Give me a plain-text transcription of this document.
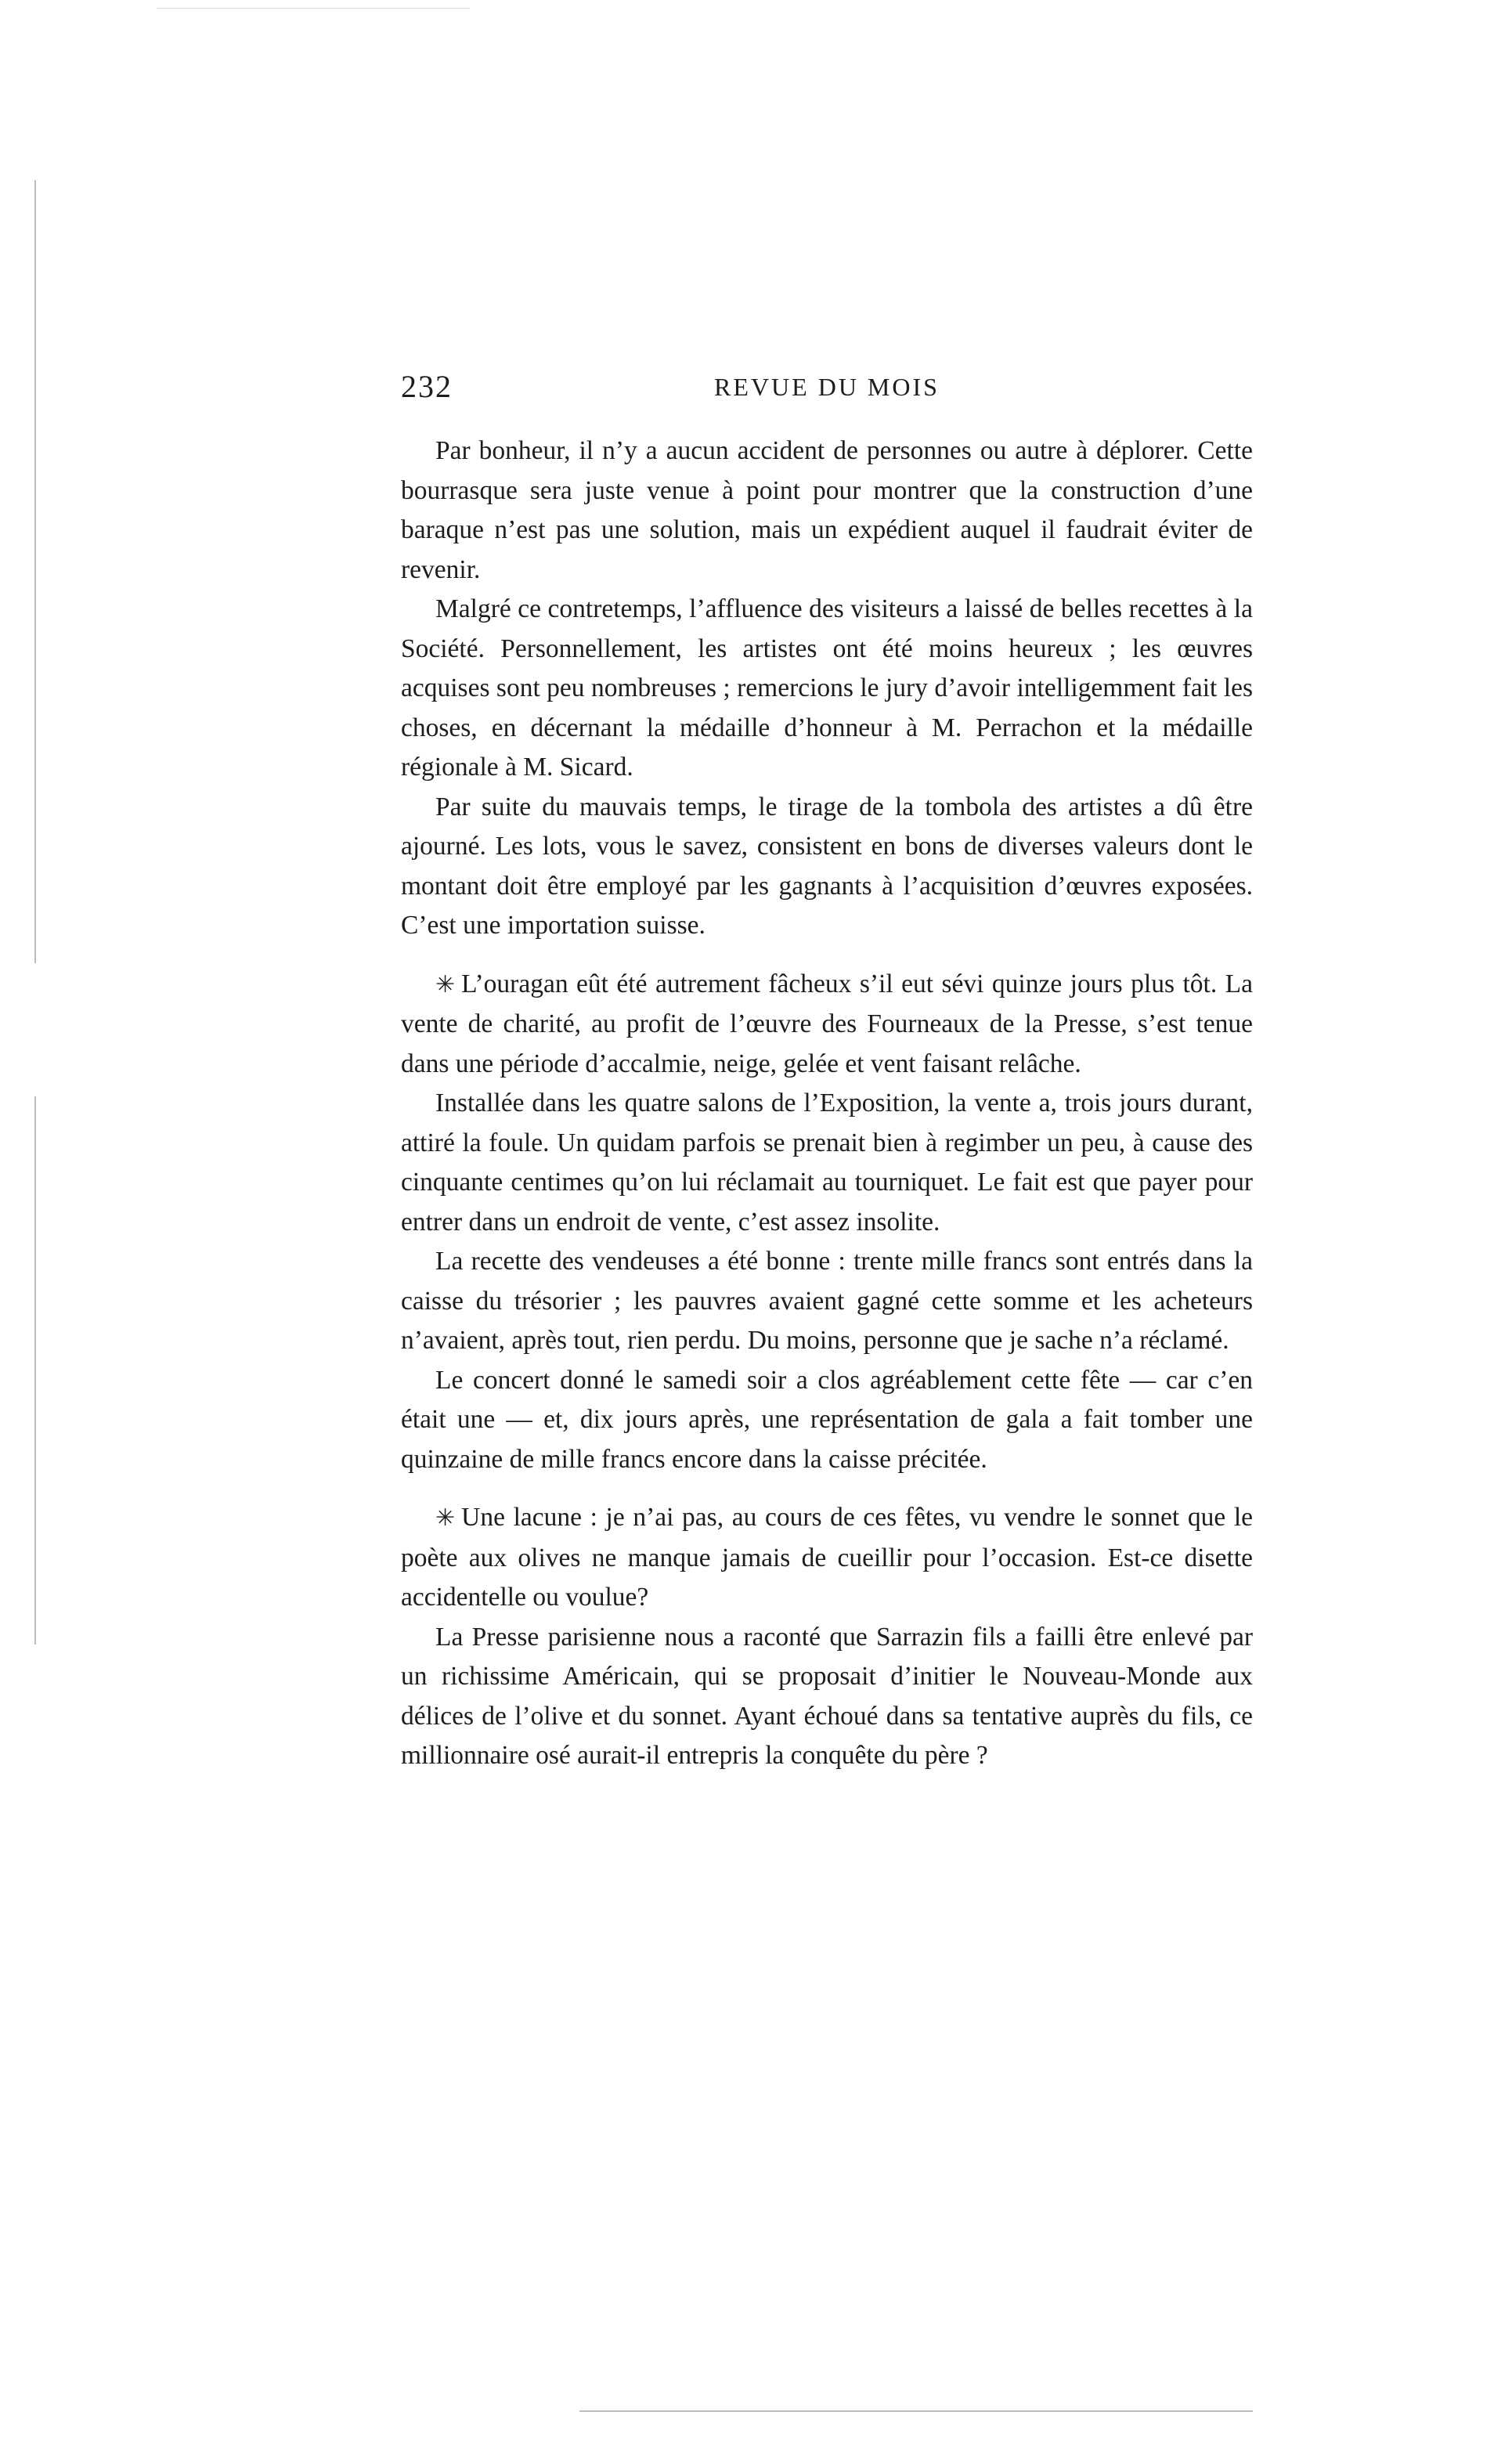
232	REVUE DU MOIS

Par bonheur, il n’y a aucun accident de personnes ou autre à déplorer. Cette bourrasque sera juste venue à point pour montrer que la construction d’une baraque n’est pas une solution, mais un expédient auquel il faudrait éviter de revenir.

Malgré ce contretemps, l’affluence des visiteurs a laissé de belles recettes à la Société. Personnellement, les artistes ont été moins heureux ; les œuvres acquises sont peu nombreuses ; remercions le jury d’avoir intelligemment fait les choses, en décernant la médaille d’honneur à M. Perrachon et la médaille régionale à M. Sicard.

Par suite du mauvais temps, le tirage de la tombola des artistes a dû être ajourné. Les lots, vous le savez, consistent en bons de diverses valeurs dont le montant doit être employé par les gagnants à l’acquisition d’œuvres exposées. C’est une importation suisse.

✳ L’ouragan eût été autrement fâcheux s’il eut sévi quinze jours plus tôt. La vente de charité, au profit de l’œuvre des Fourneaux de la Presse, s’est tenue dans une période d’accalmie, neige, gelée et vent faisant relâche.

Installée dans les quatre salons de l’Exposition, la vente a, trois jours durant, attiré la foule. Un quidam parfois se prenait bien à regimber un peu, à cause des cinquante centimes qu’on lui réclamait au tourniquet. Le fait est que payer pour entrer dans un endroit de vente, c’est assez insolite.

La recette des vendeuses a été bonne : trente mille francs sont entrés dans la caisse du trésorier ; les pauvres avaient gagné cette somme et les acheteurs n’avaient, après tout, rien perdu. Du moins, personne que je sache n’a réclamé.

Le concert donné le samedi soir a clos agréablement cette fête — car c’en était une — et, dix jours après, une représentation de gala a fait tomber une quinzaine de mille francs encore dans la caisse précitée.

✳ Une lacune : je n’ai pas, au cours de ces fêtes, vu vendre le sonnet que le poète aux olives ne manque jamais de cueillir pour l’occasion. Est-ce disette accidentelle ou voulue?

La Presse parisienne nous a raconté que Sarrazin fils a failli être enlevé par un richissime Américain, qui se proposait d’initier le Nouveau-Monde aux délices de l’olive et du sonnet. Ayant échoué dans sa tentative auprès du fils, ce millionnaire osé aurait-il entrepris la conquête du père ?
